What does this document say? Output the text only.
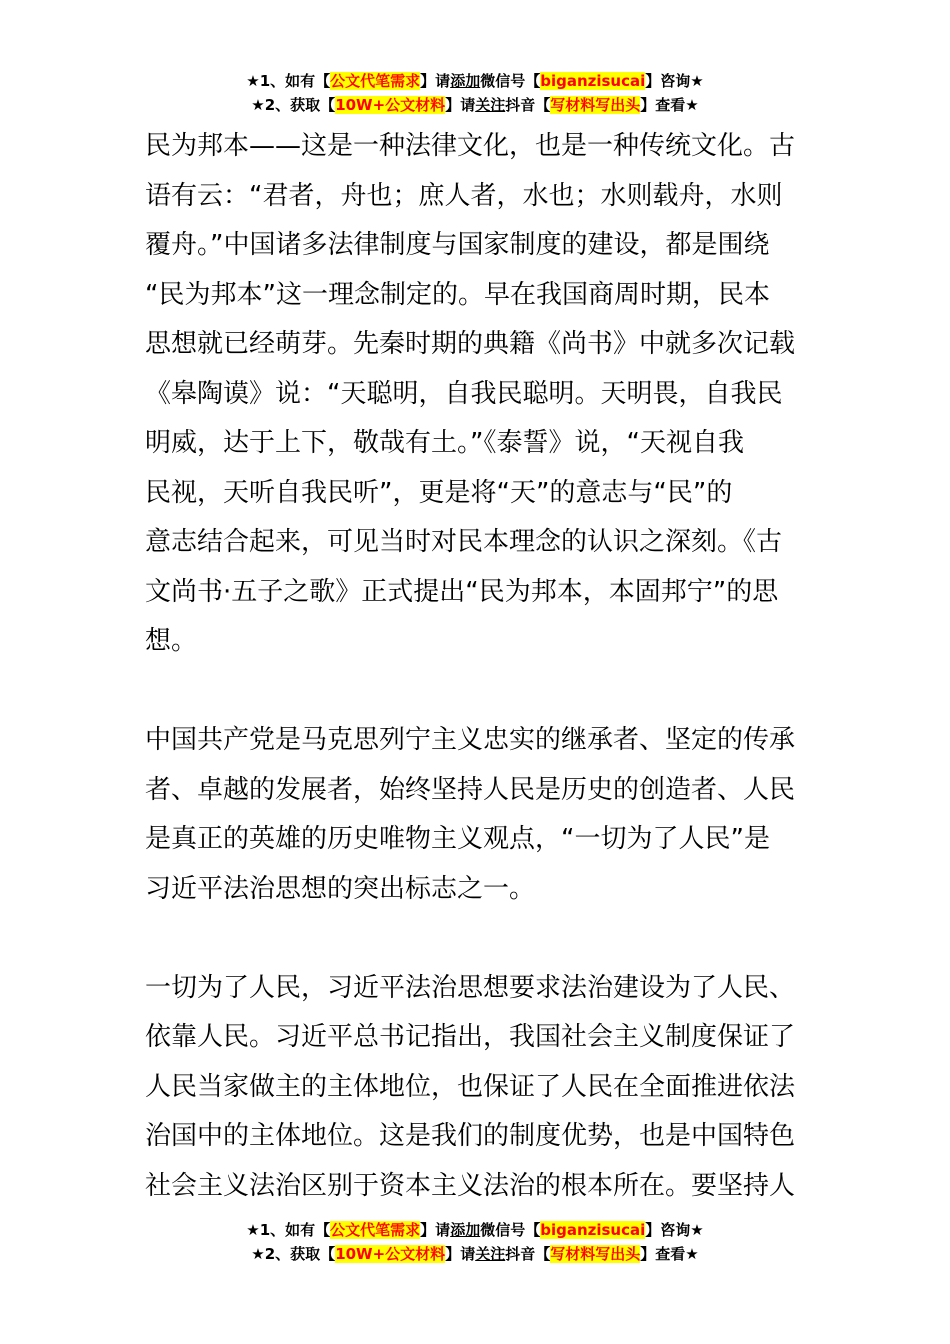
★1、如有【公文代笔需求】请添加微信号【biganzisucai】咨询★
★2、获取【10W+公文材料】请关注抖音【写材料写出头】查看★
民为邦本——这是一种法律文化，也是一种传统文化。古
语有云：“君者，舟也；庶人者，水也；水则载舟，水则
覆舟。”中国诸多法律制度与国家制度的建设，都是围绕
“民为邦本”这一理念制定的。早在我国商周时期，民本
思想就已经萌芽。先秦时期的典籍《尚书》中就多次记载
《皋陶谟》说：“天聪明，自我民聪明。天明畏，自我民
明威，达于上下，敬哉有土。”《泰誓》说，“天视自我
民视，天听自我民听”，更是将“天”的意志与“民”的
意志结合起来，可见当时对民本理念的认识之深刻。《古
文尚书·五子之歌》正式提出“民为邦本，本固邦宁”的思
想。
中国共产党是马克思列宁主义忠实的继承者、坚定的传承
者、卓越的发展者，始终坚持人民是历史的创造者、人民
是真正的英雄的历史唯物主义观点，“一切为了人民”是
习近平法治思想的突出标志之一。
一切为了人民，习近平法治思想要求法治建设为了人民、
依靠人民。习近平总书记指出，我国社会主义制度保证了
人民当家做主的主体地位，也保证了人民在全面推进依法
治国中的主体地位。这是我们的制度优势，也是中国特色
社会主义法治区别于资本主义法治的根本所在。要坚持人
★1、如有【公文代笔需求】请添加微信号【biganzisucai】咨询★
★2、获取【10W+公文材料】请关注抖音【写材料写出头】查看★
